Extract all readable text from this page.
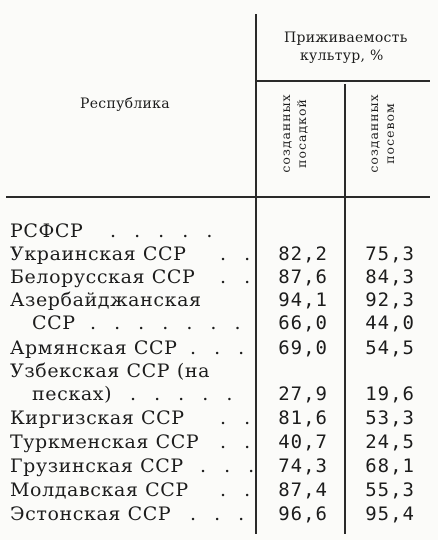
Республика
Приживаемость
культур, %
созданных посадкой	созданных посевом
РСФСР . . . . .
Украинская ССР . .	82,2	75,3
Белорусская ССР . .	87,6	84,3
Азербайджанская	94,1	92,3
ССР . . . . . . .	66,0	44,0
Армянская ССР . . .	69,0	54,5
Узбекская ССР (на
песках) . . . . .	27,9	19,6
Киргизская ССР . .	81,6	53,3
Туркменская ССР . .	40,7	24,5
Грузинская ССР . . . 74,3	68,1
Молдавская ССР . .	87,4	55,3
Эстонская ССР . . .	96,6	95,4
